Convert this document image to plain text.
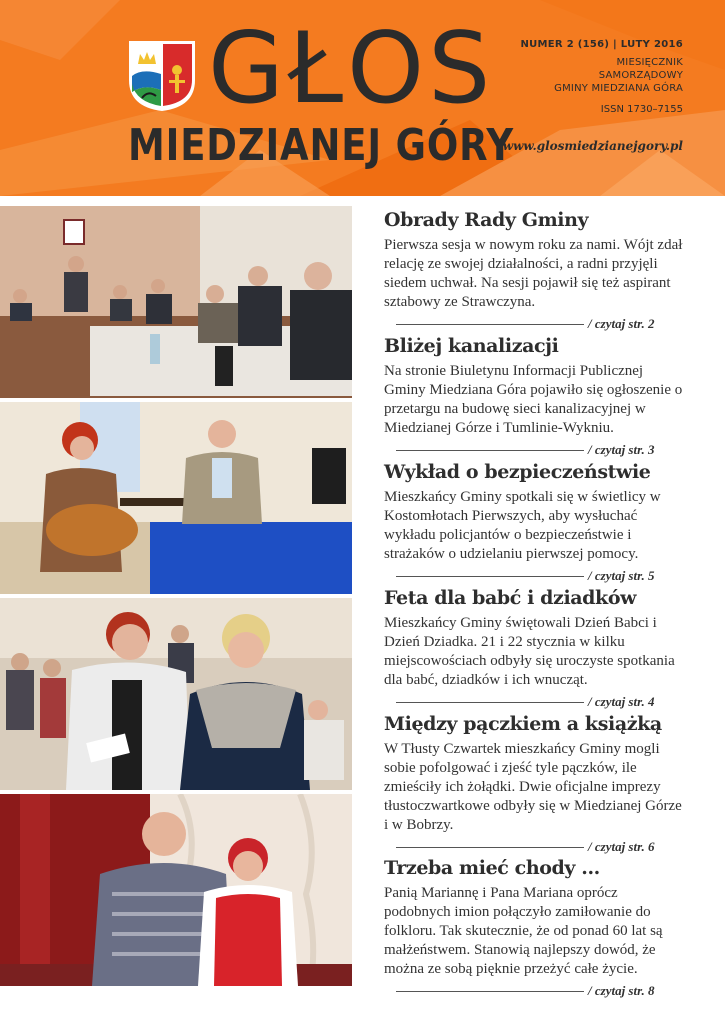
GŁOS
MIEDZIANEJ GÓRY
NUMER 2 (156) | LUTY 2016
MIESIĘCZNIK
SAMORZĄDOWY
GMINY MIEDZIANA GÓRA
ISSN 1730–7155
www.glosmiedzianejgory.pl
Obrady Rady Gminy

Pierwsza sesja w nowym roku za nami. Wójt zdał relację ze swojej działalności, a radni przyjęli siedem uchwał. Na sesji pojawił się też aspirant sztabowy ze Strawczyna.

/ czytaj str. 2
Bliżej kanalizacji

Na stronie Biuletynu Informacji Publicznej Gminy Miedziana Góra pojawiło się ogłoszenie o przetargu na budowę sieci kanalizacyjnej w Miedzianej Górze i Tumlinie-Wykniu.

/ czytaj str. 3
Wykład o bezpieczeństwie

Mieszkańcy Gminy spotkali się w świetlicy w Kostomłotach Pierwszych, aby wysłuchać wykładu policjantów o bezpieczeństwie i strażaków o udzielaniu pierwszej pomocy.

/ czytaj str. 5
Feta dla babć i dziadków

Mieszkańcy Gminy świętowali Dzień Babci i Dzień Dziadka. 21 i 22 stycznia w kilku miejscowościach odbyły się uroczyste spotkania dla babć, dziadków i ich wnucząt.

/ czytaj str. 4
Między pączkiem a książką

W Tłusty Czwartek mieszkańcy Gminy mogli sobie pofolgować i zjeść tyle pączków, ile zmieściły ich żołądki. Dwie oficjalne imprezy tłustoczwartkowe odbyły się w Miedzianej Górze i w Bobrzy.

/ czytaj str. 6
Trzeba mieć chody ...

Panią Mariannę i Pana Mariana oprócz podobnych imion połączyło zamiłowanie do folkloru. Tak skutecznie, że od ponad 60 lat są małżeństwem. Stanowią najlepszy dowód, że można ze sobą pięknie przeżyć całe życie.

/ czytaj str. 8
